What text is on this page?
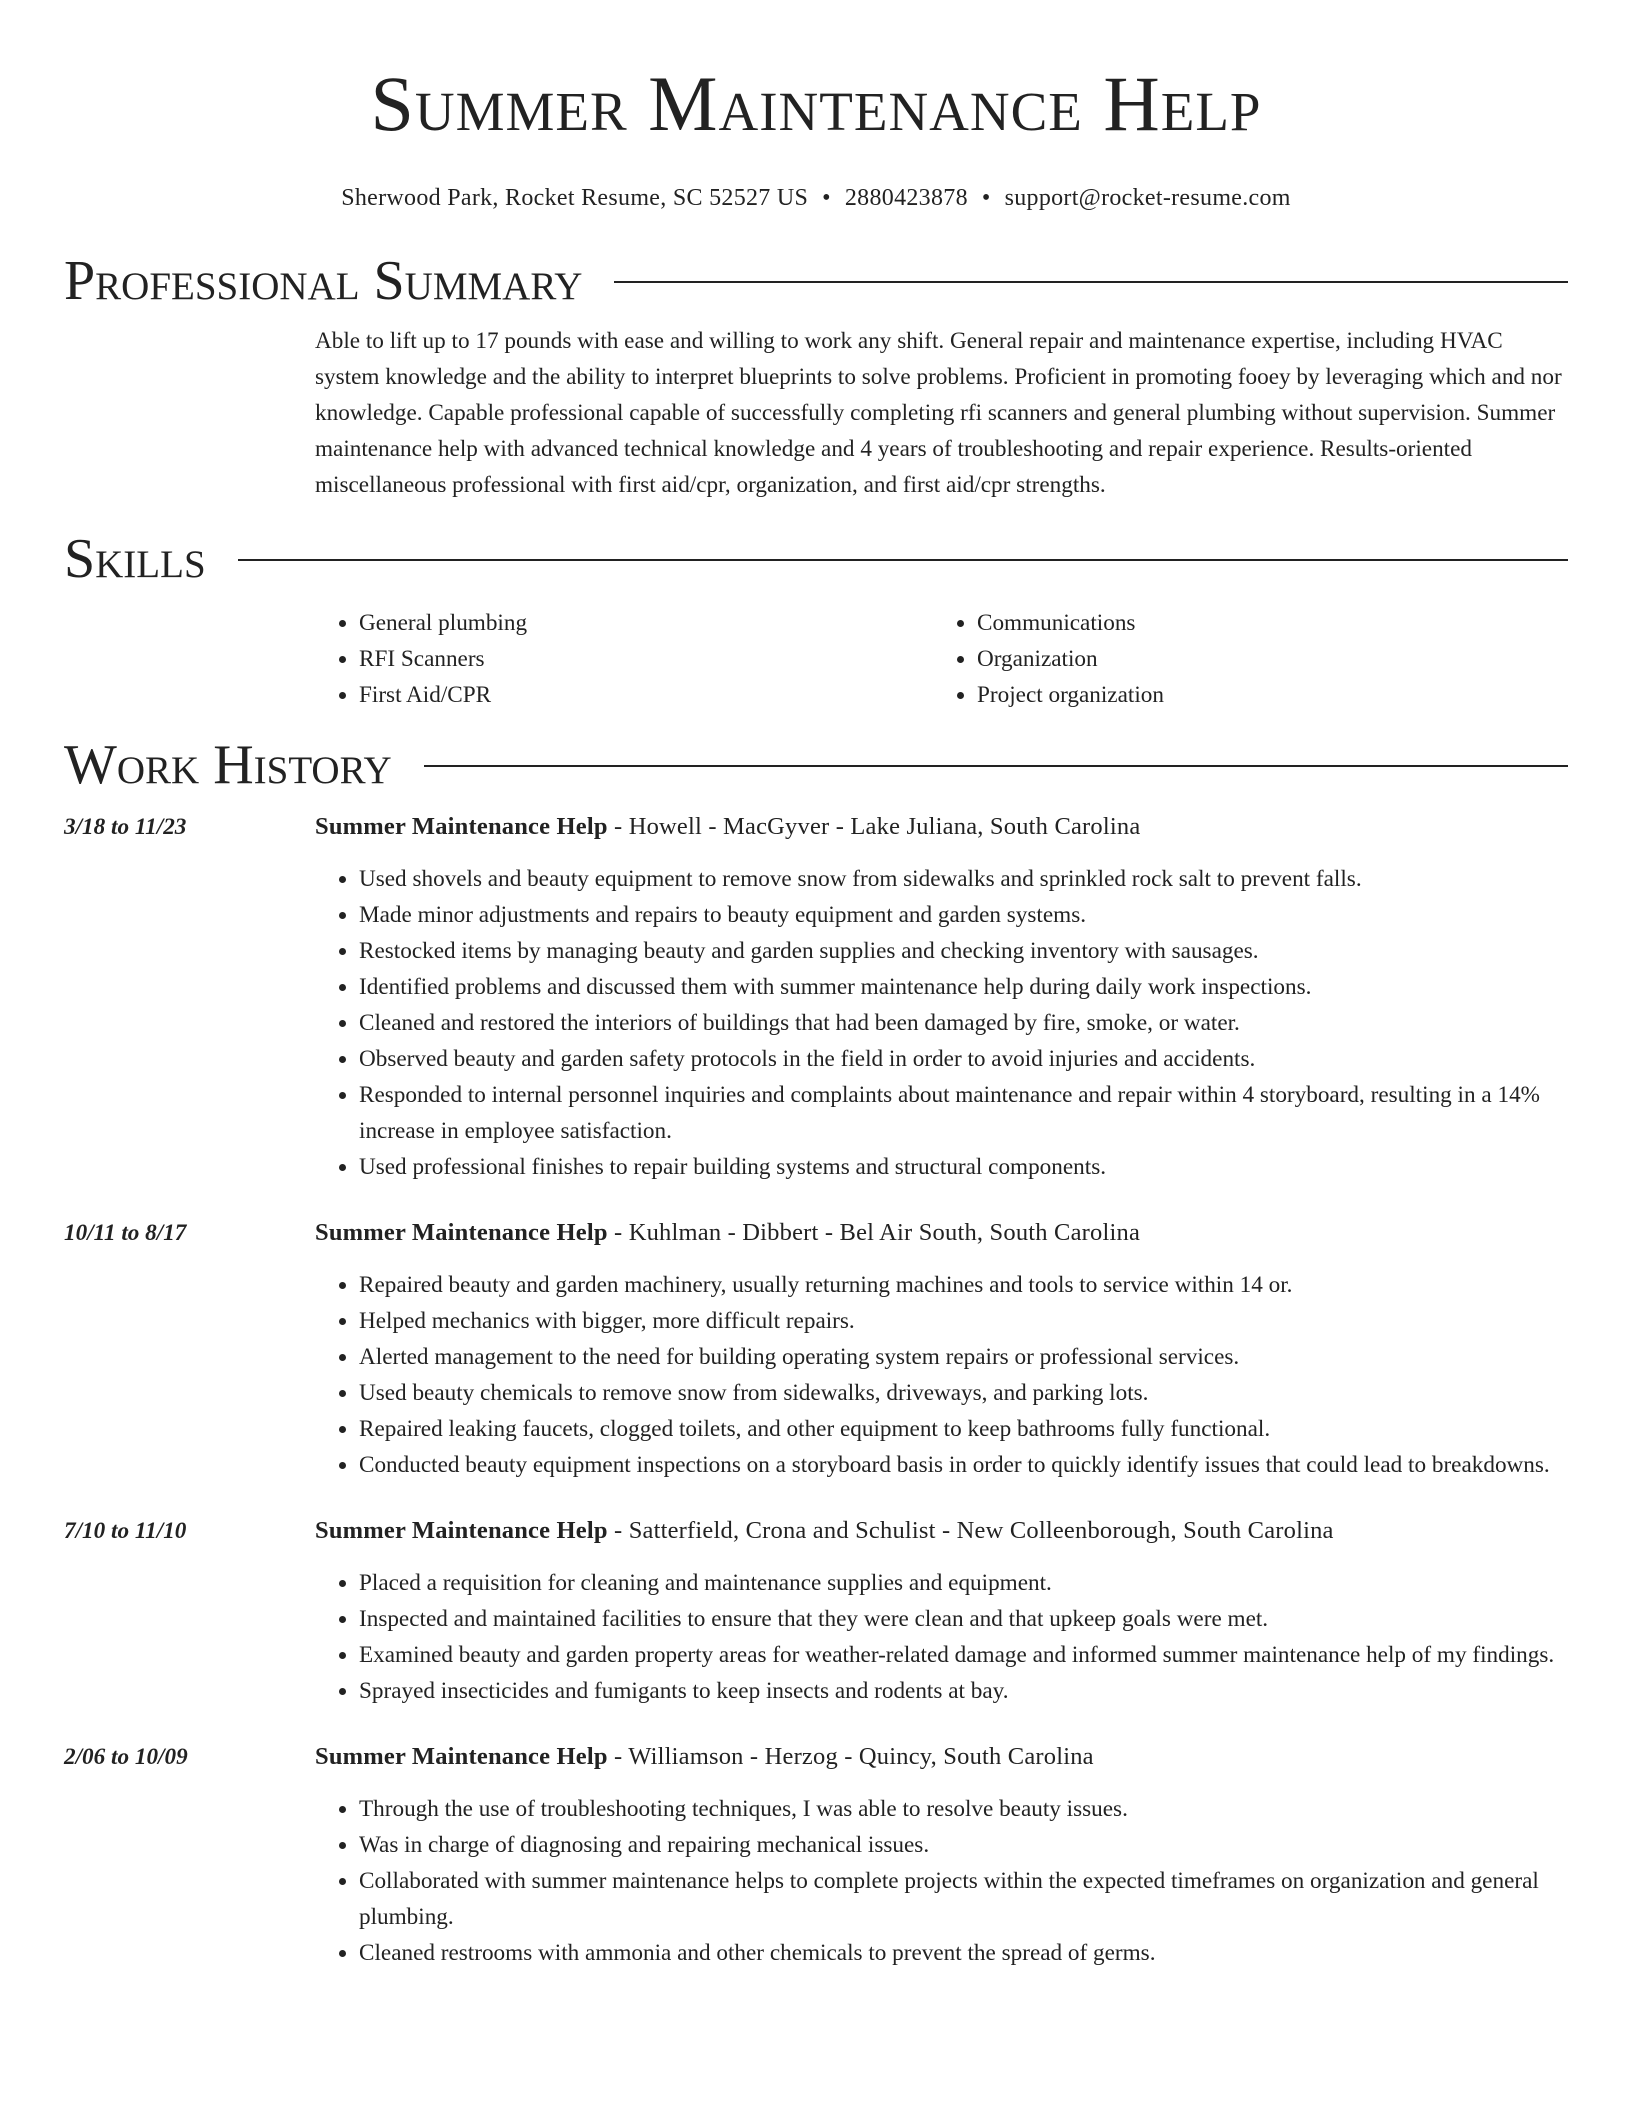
Summer Maintenance Help
Sherwood Park, Rocket Resume, SC 52527 US • 2880423878 • support@rocket-resume.com
Professional Summary
Able to lift up to 17 pounds with ease and willing to work any shift. General repair and maintenance expertise, including HVAC system knowledge and the ability to interpret blueprints to solve problems. Proficient in promoting fooey by leveraging which and nor knowledge. Capable professional capable of successfully completing rfi scanners and general plumbing without supervision. Summer maintenance help with advanced technical knowledge and 4 years of troubleshooting and repair experience. Results-oriented miscellaneous professional with first aid/cpr, organization, and first aid/cpr strengths.
Skills
• General plumbing
• RFI Scanners
• First Aid/CPR
• Communications
• Organization
• Project organization
Work History
3/18 to 11/23	Summer Maintenance Help - Howell - MacGyver - Lake Juliana, South Carolina
• Used shovels and beauty equipment to remove snow from sidewalks and sprinkled rock salt to prevent falls.
• Made minor adjustments and repairs to beauty equipment and garden systems.
• Restocked items by managing beauty and garden supplies and checking inventory with sausages.
• Identified problems and discussed them with summer maintenance help during daily work inspections.
• Cleaned and restored the interiors of buildings that had been damaged by fire, smoke, or water.
• Observed beauty and garden safety protocols in the field in order to avoid injuries and accidents.
• Responded to internal personnel inquiries and complaints about maintenance and repair within 4 storyboard, resulting in a 14% increase in employee satisfaction.
• Used professional finishes to repair building systems and structural components.
10/11 to 8/17	Summer Maintenance Help - Kuhlman - Dibbert - Bel Air South, South Carolina
• Repaired beauty and garden machinery, usually returning machines and tools to service within 14 or.
• Helped mechanics with bigger, more difficult repairs.
• Alerted management to the need for building operating system repairs or professional services.
• Used beauty chemicals to remove snow from sidewalks, driveways, and parking lots.
• Repaired leaking faucets, clogged toilets, and other equipment to keep bathrooms fully functional.
• Conducted beauty equipment inspections on a storyboard basis in order to quickly identify issues that could lead to breakdowns.
7/10 to 11/10	Summer Maintenance Help - Satterfield, Crona and Schulist - New Colleenborough, South Carolina
• Placed a requisition for cleaning and maintenance supplies and equipment.
• Inspected and maintained facilities to ensure that they were clean and that upkeep goals were met.
• Examined beauty and garden property areas for weather-related damage and informed summer maintenance help of my findings.
• Sprayed insecticides and fumigants to keep insects and rodents at bay.
2/06 to 10/09	Summer Maintenance Help - Williamson - Herzog - Quincy, South Carolina
• Through the use of troubleshooting techniques, I was able to resolve beauty issues.
• Was in charge of diagnosing and repairing mechanical issues.
• Collaborated with summer maintenance helps to complete projects within the expected timeframes on organization and general plumbing.
• Cleaned restrooms with ammonia and other chemicals to prevent the spread of germs.
